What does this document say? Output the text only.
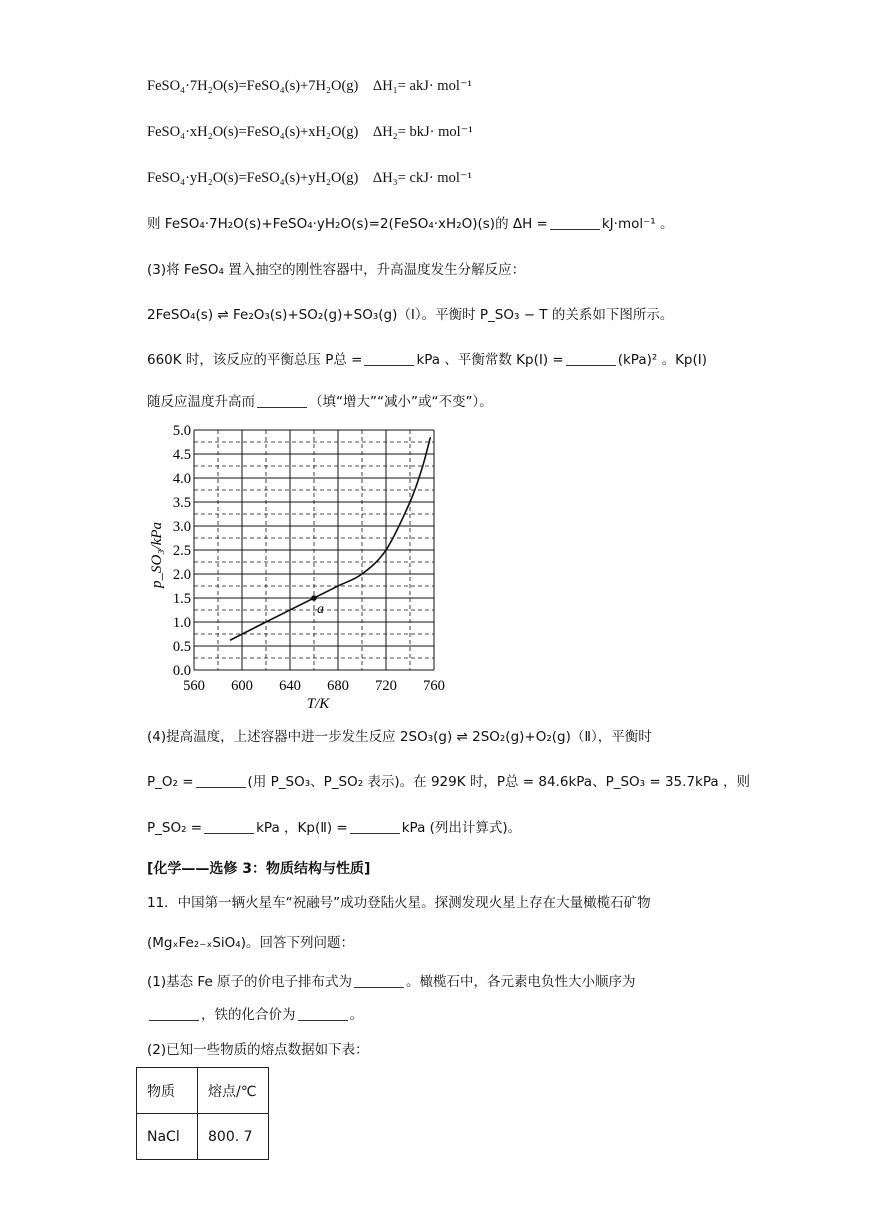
FeSO₄·7H₂O(s)=FeSO₄(s)+7H₂O(g) ΔH₁= akJ· mol⁻¹
FeSO₄·xH₂O(s)=FeSO₄(s)+xH₂O(g) ΔH₂= bkJ· mol⁻¹
FeSO₄·yH₂O(s)=FeSO₄(s)+yH₂O(g) ΔH₃= ckJ· mol⁻¹
则 FeSO₄·7H₂O(s)+FeSO₄·yH₂O(s)=2(FeSO₄·xH₂O)(s)的 ΔH =	kJ·mol⁻¹ 。
(3)将 FeSO₄ 置入抽空的刚性容器中，升高温度发生分解反应：
2FeSO₄(s) ⇌ Fe₂O₃(s)+SO₂(g)+SO₃(g)（Ⅰ）。平衡时 P_SO₃ − T 的关系如下图所示。
660K 时，该反应的平衡总压 P总 =	kPa 、平衡常数 Kp(Ⅰ) =	(kPa)² 。Kp(Ⅰ)
随反应温度升高而	（填“增大”“减小”或“不变”）。
560 600 640 680 720 760
0.0
0.5
1.0
1.5
2.0
2.5
3.0
3.5
4.0
4.5
5.0
a
T/K
p_SO₃/kPa
(4)提高温度，上述容器中进一步发生反应 2SO₃(g) ⇌ 2SO₂(g)+O₂(g)（Ⅱ），平衡时
P_O₂ =	(用 P_SO₃、P_SO₂ 表示)。在 929K 时，P总 = 84.6kPa、P_SO₃ = 35.7kPa ，则
P_SO₂ =	kPa ，Kp(Ⅱ) =	kPa (列出计算式)。
[化学——选修 3：物质结构与性质]
11．中国第一辆火星车“祝融号”成功登陆火星。探测发现火星上存在大量橄榄石矿物
(MgₓFe₂₋ₓSiO₄)。回答下列问题：
(1)基态 Fe 原子的价电子排布式为	。橄榄石中，各元素电负性大小顺序为
，铁的化合价为	。
(2)已知一些物质的熔点数据如下表：
物质	熔点/℃
NaCl	800. 7
